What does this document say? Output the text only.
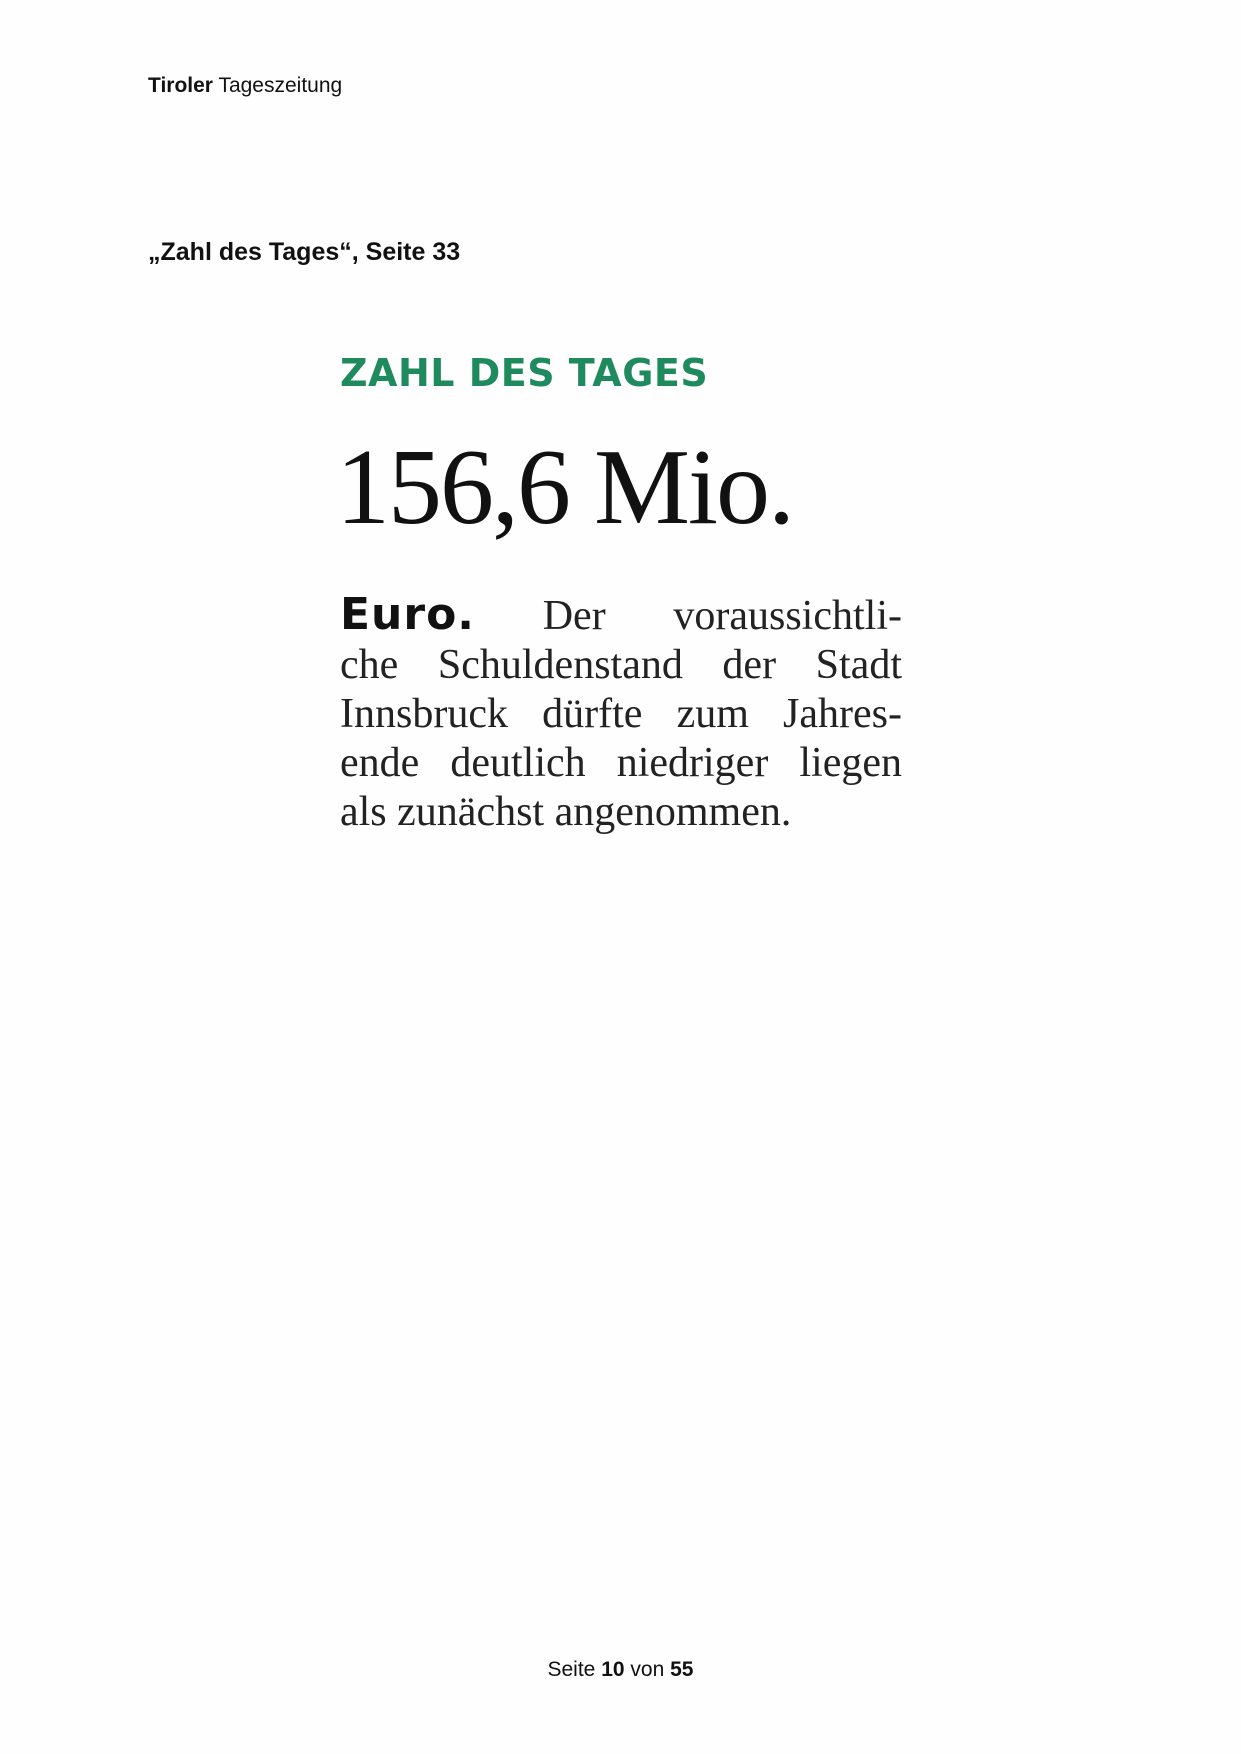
Tiroler Tageszeitung
„Zahl des Tages“, Seite 33
ZAHL DES TAGES
156,6 Mio.
Euro. Der voraussichtli-
che Schuldenstand der Stadt
Innsbruck dürfte zum Jahres-
ende deutlich niedriger liegen
als zunächst angenommen.
Seite 10 von 55
